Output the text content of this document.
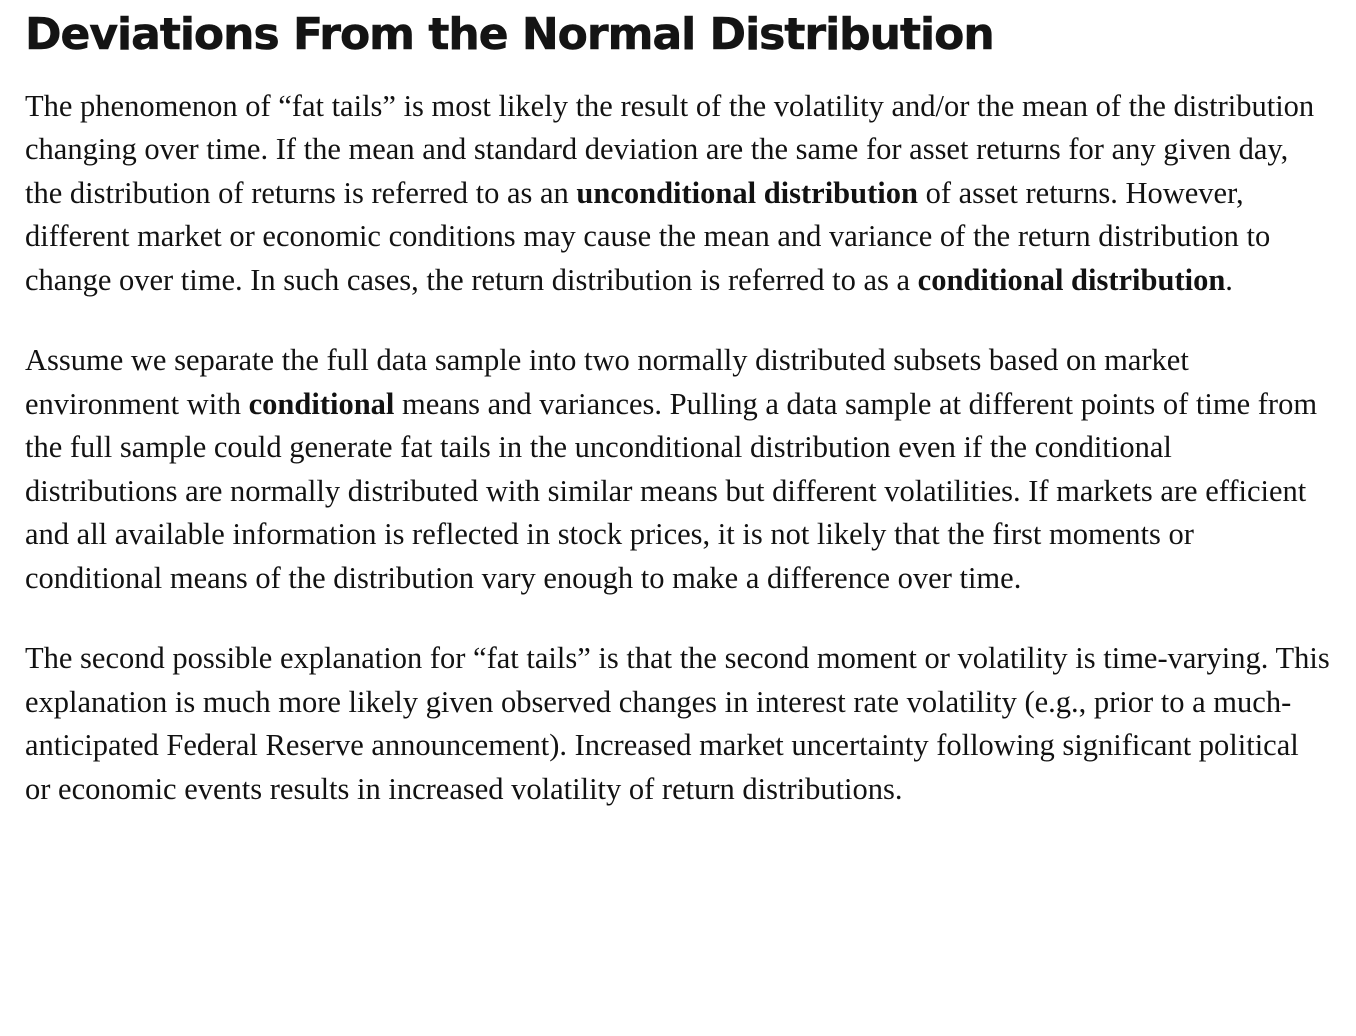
Deviations From the Normal Distribution

The phenomenon of “fat tails” is most likely the result of the volatility and/or the mean of the distribution changing over time. If the mean and standard deviation are the same for asset returns for any given day, the distribution of returns is referred to as an unconditional distribution of asset returns. However, different market or economic conditions may cause the mean and variance of the return distribution to change over time. In such cases, the return distribution is referred to as a conditional distribution.

Assume we separate the full data sample into two normally distributed subsets based on market environment with conditional means and variances. Pulling a data sample at different points of time from the full sample could generate fat tails in the unconditional distribution even if the conditional distributions are normally distributed with similar means but different volatilities. If markets are efficient and all available information is reflected in stock prices, it is not likely that the first moments or conditional means of the distribution vary enough to make a difference over time.

The second possible explanation for “fat tails” is that the second moment or volatility is time-varying. This explanation is much more likely given observed changes in interest rate volatility (e.g., prior to a much-anticipated Federal Reserve announcement). Increased market uncertainty following significant political or economic events results in increased volatility of return distributions.
